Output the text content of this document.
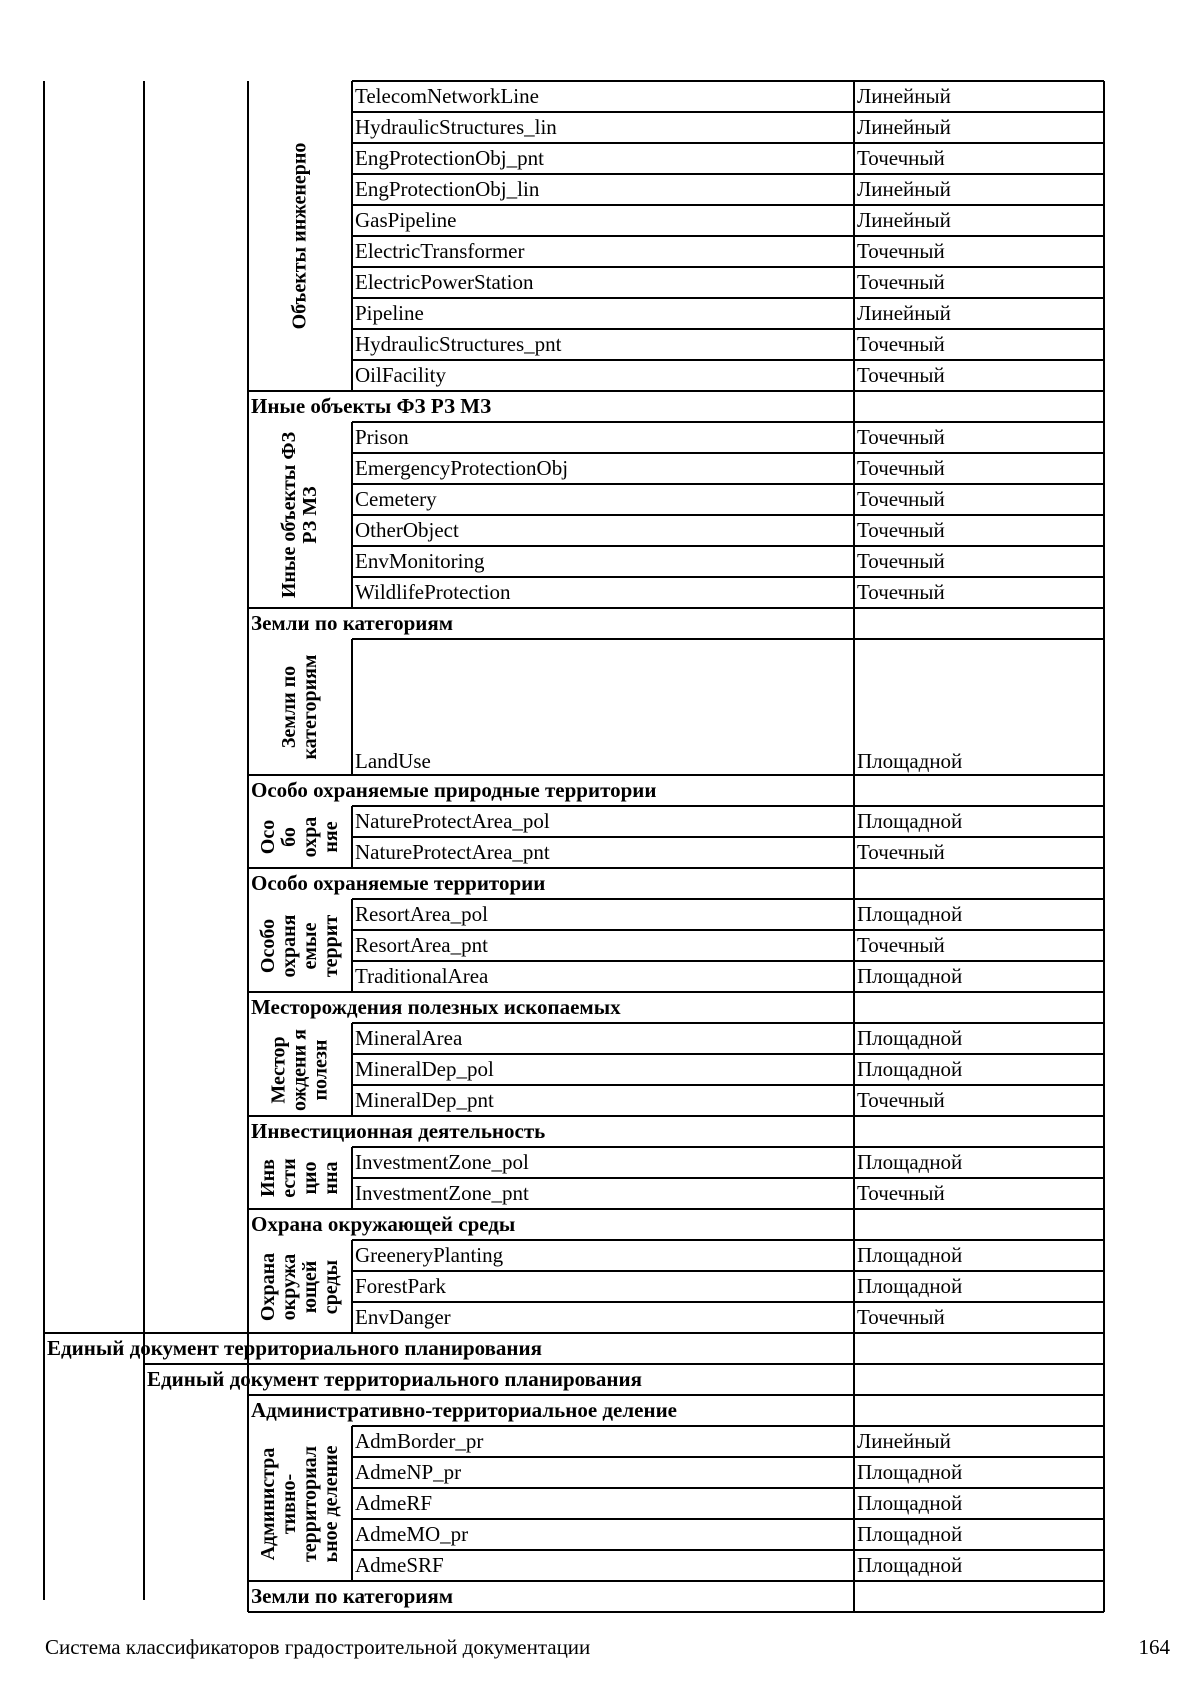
TelecomNetworkLine	Линейный
HydraulicStructures_lin	Линейный
EngProtectionObj_pnt	Точечный
EngProtectionObj_lin	Линейный
GasPipeline	Линейный
ElectricTransformer	Точечный
ElectricPowerStation	Точечный
Pipeline	Линейный
HydraulicStructures_pnt	Точечный
OilFacility	Точечный
Объекты инженерно
Иные объекты ФЗ РЗ МЗ
Prison	Точечный
EmergencyProtectionObj	Точечный
Cemetery	Точечный
OtherObject	Точечный
EnvMonitoring	Точечный
WildlifeProtection	Точечный
Иные объекты ФЗ РЗ МЗ
Земли по категориям
LandUse	Площадной
Земли по категориям
Особо охраняемые природные территории
NatureProtectArea_pol	Площадной
NatureProtectArea_pnt	Точечный
Осо бо охра няе
Особо охраняемые территории
ResortArea_pol	Площадной
ResortArea_pnt	Точечный
TraditionalArea	Площадной
Особо охраня емые террит
Месторождения полезных ископаемых
MineralArea	Площадной
MineralDep_pol	Площадной
MineralDep_pnt	Точечный
Местор ождени я полезн
Инвестиционная деятельность
InvestmentZone_pol	Площадной
InvestmentZone_pnt	Точечный
Инв ести цио нна
Охрана окружающей среды
GreeneryPlanting	Площадной
ForestPark	Площадной
EnvDanger	Точечный
Охрана окружа ющей среды
Единый документ территориального планирования
Единый документ территориального планирования
Административно-территориальное деление
AdmBorder_pr	Линейный
AdmeNP_pr	Площадной
AdmeRF	Площадной
AdmeMO_pr	Площадной
AdmeSRF	Площадной
Администра тивно- территориал ьное деление
Земли по категориям
Система классификаторов градостроительной документации	164
